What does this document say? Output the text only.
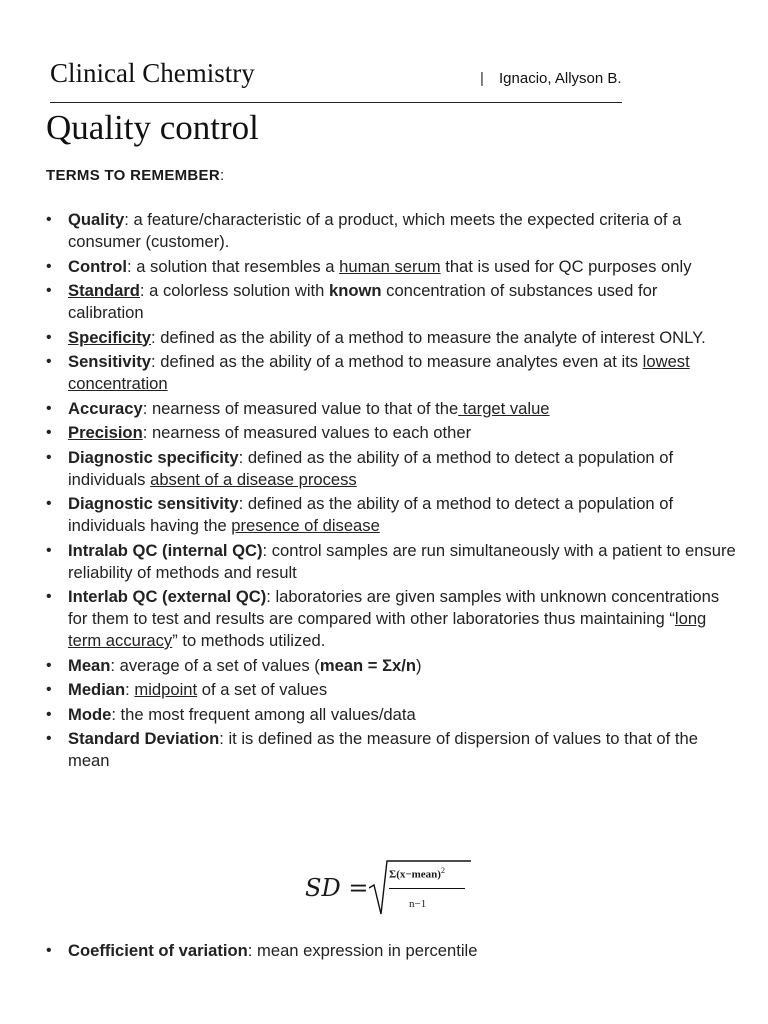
Clinical Chemistry	| Ignacio, Allyson B.
Quality control
TERMS TO REMEMBER:
• Quality: a feature/characteristic of a product, which meets the expected criteria of a consumer (customer).
• Control: a solution that resembles a human serum that is used for QC purposes only
• Standard: a colorless solution with known concentration of substances used for calibration
• Specificity: defined as the ability of a method to measure the analyte of interest ONLY.
• Sensitivity: defined as the ability of a method to measure analytes even at its lowest concentration
• Accuracy: nearness of measured value to that of the target value
• Precision: nearness of measured values to each other
• Diagnostic specificity: defined as the ability of a method to detect a population of individuals absent of a disease process
• Diagnostic sensitivity: defined as the ability of a method to detect a population of individuals having the presence of disease
• Intralab QC (internal QC): control samples are run simultaneously with a patient to ensure reliability of methods and result
• Interlab QC (external QC): laboratories are given samples with unknown concentrations for them to test and results are compared with other laboratories thus maintaining “long term accuracy” to methods utilized.
• Mean: average of a set of values (mean = Σx/n)
• Median: midpoint of a set of values
• Mode: the most frequent among all values/data
• Standard Deviation: it is defined as the measure of dispersion of values to that of the mean
SD = Σ(x−mean)$^2$
n−1
• Coefficient of variation: mean expression in percentile
